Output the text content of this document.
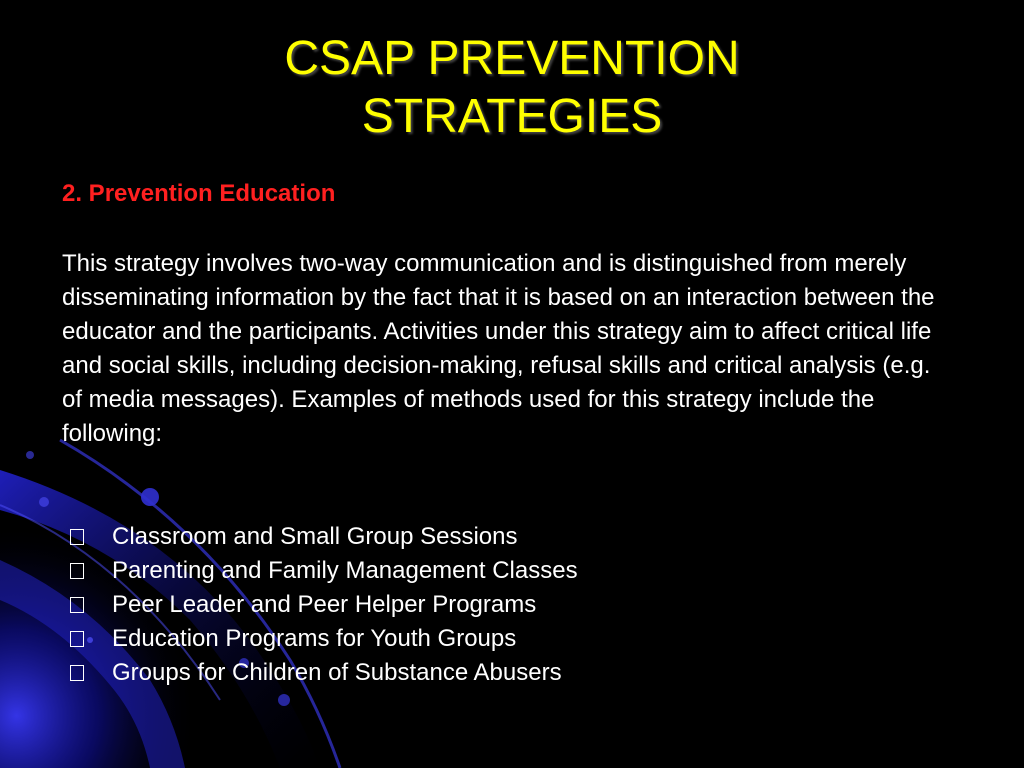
CSAP PREVENTION
STRATEGIES

2. Prevention Education

This strategy involves two-way communication and is distinguished from merely disseminating information by the fact that it is based on an interaction between the educator and the participants. Activities under this strategy aim to affect critical life and social skills, including decision-making, refusal skills and critical analysis (e.g. of media messages). Examples of methods used for this strategy include the following:

Classroom and Small Group Sessions
Parenting and Family Management Classes
Peer Leader and Peer Helper Programs
Education Programs for Youth Groups
Groups for Children of Substance Abusers
